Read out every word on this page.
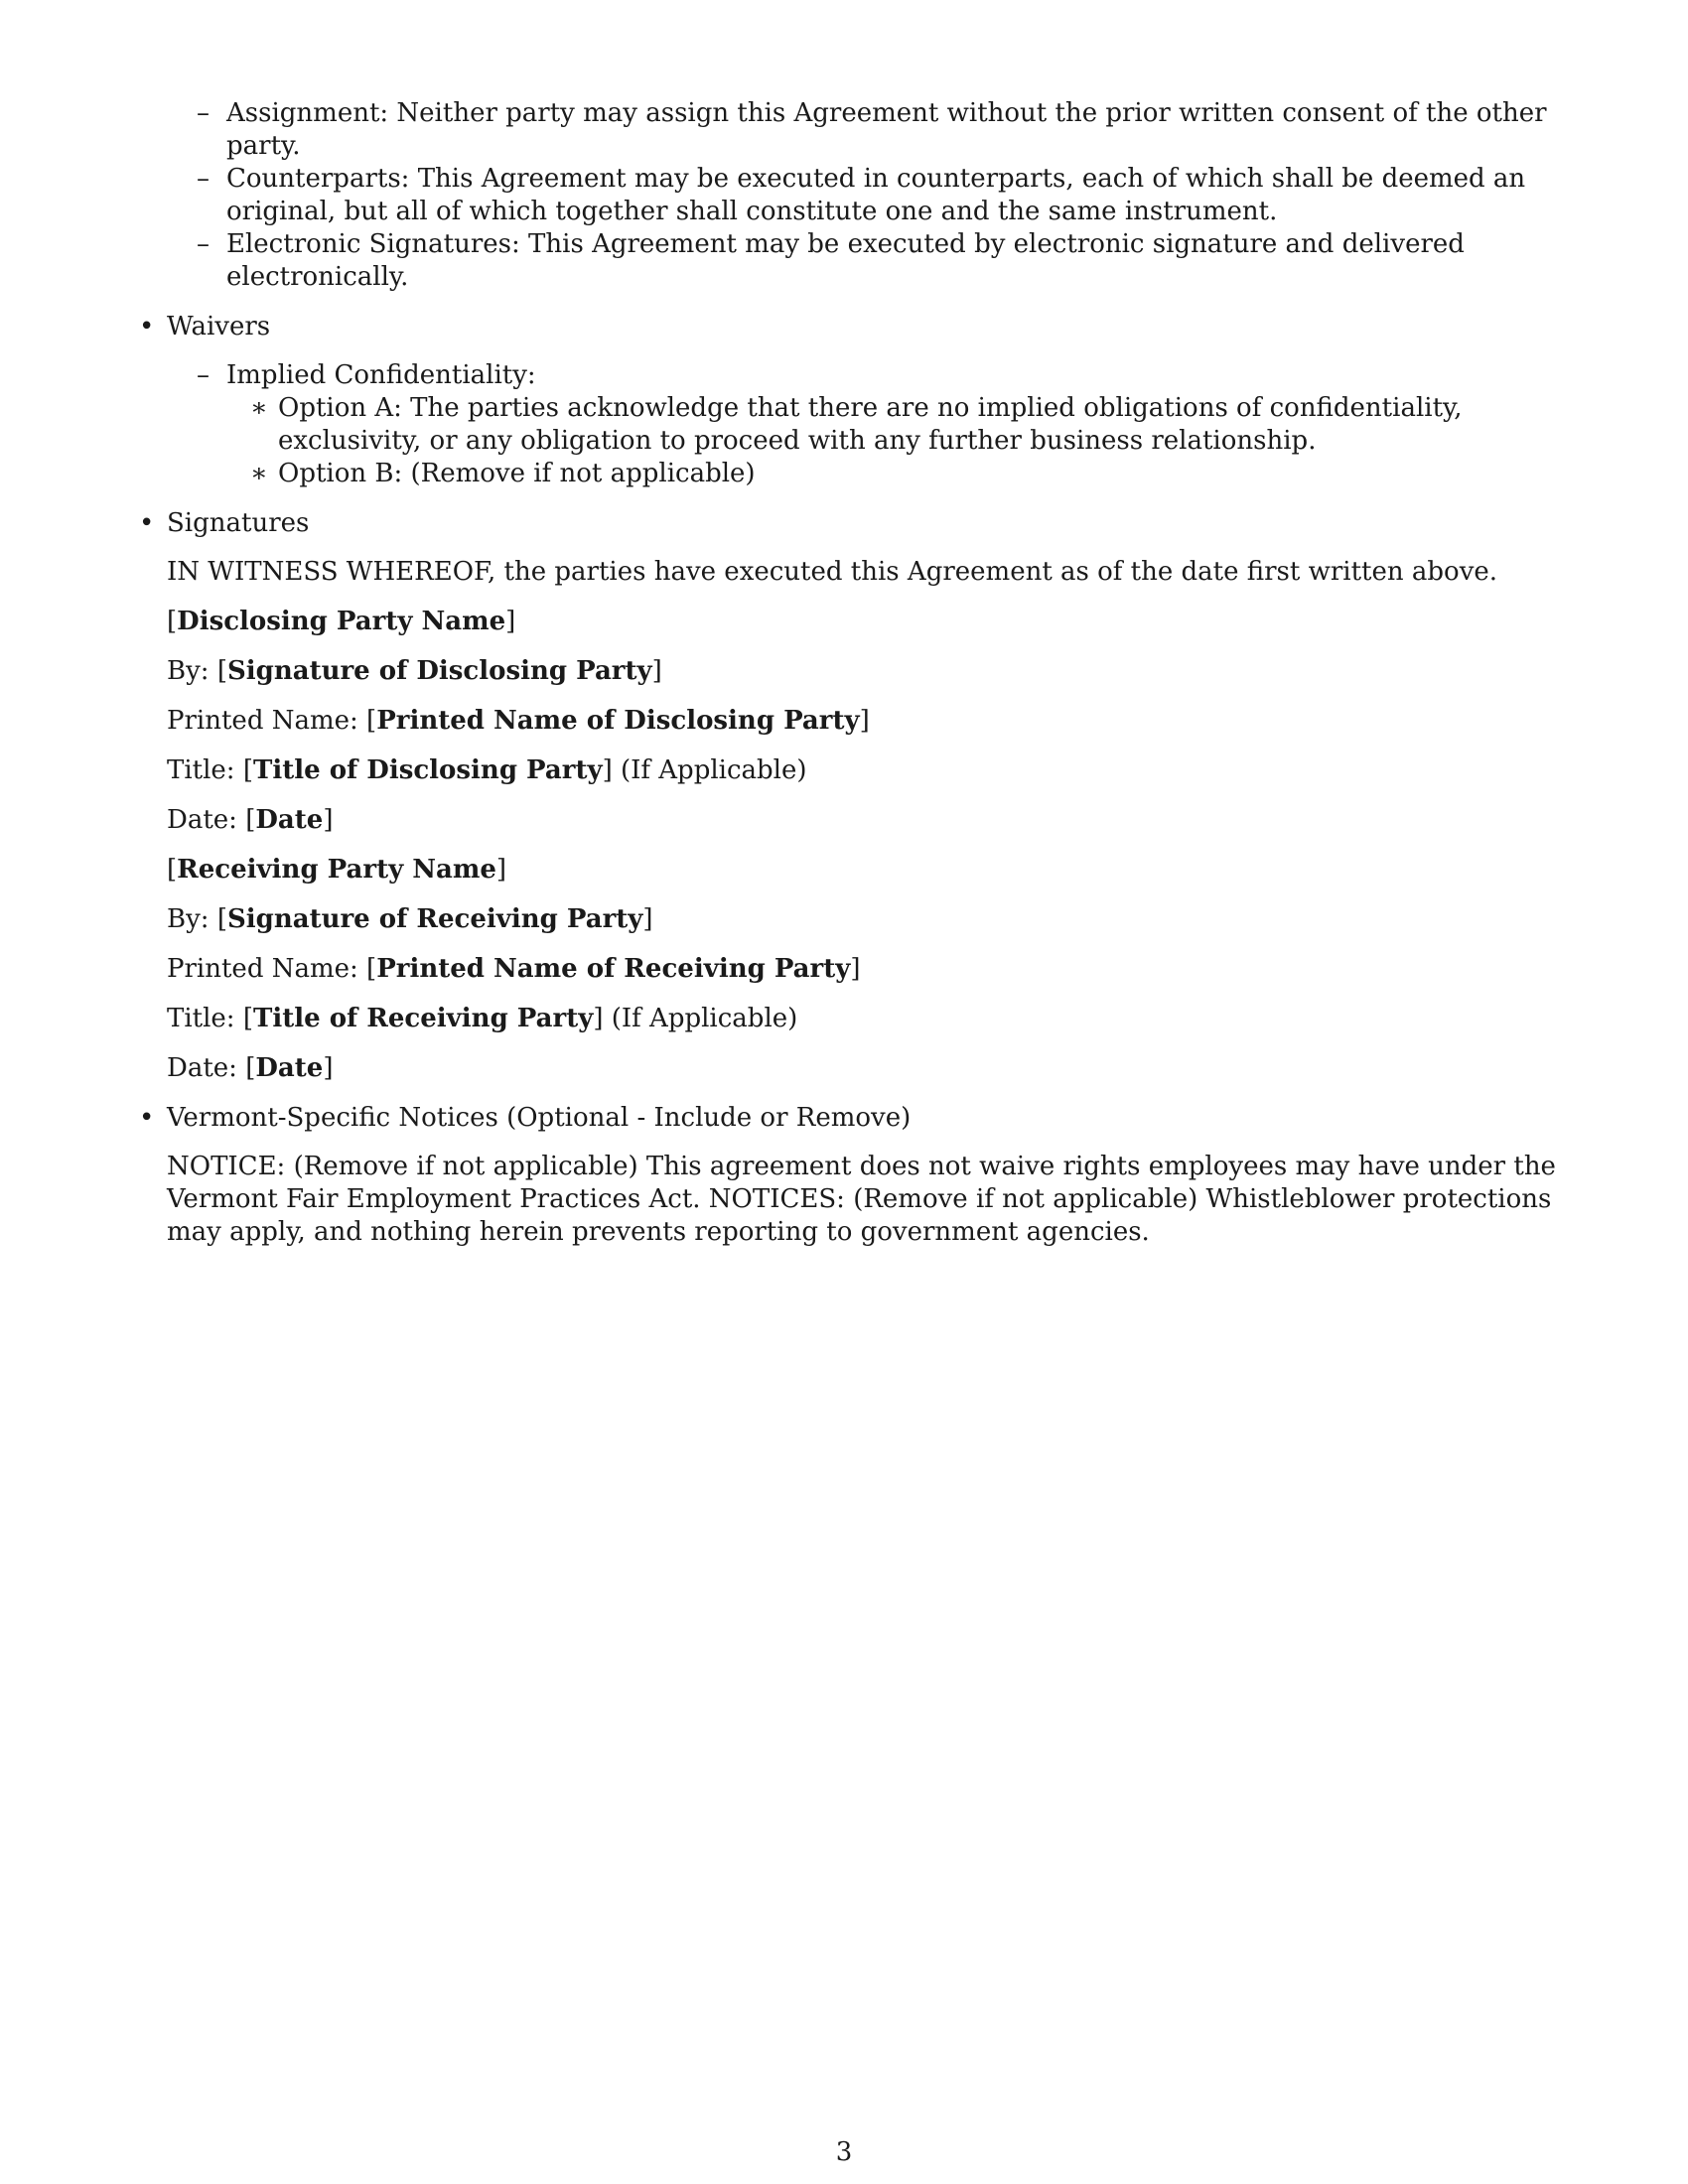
– Assignment: Neither party may assign this Agreement without the prior written consent of the other party.
– Counterparts: This Agreement may be executed in counterparts, each of which shall be deemed an original, but all of which together shall constitute one and the same instrument.
– Electronic Signatures: This Agreement may be executed by electronic signature and delivered electronically.
• Waivers
– Implied Confidentiality:
∗ Option A: The parties acknowledge that there are no implied obligations of confidentiality, exclusivity, or any obligation to proceed with any further business relationship.
∗ Option B: (Remove if not applicable)
• Signatures

IN WITNESS WHEREOF, the parties have executed this Agreement as of the date first written above.

[Disclosing Party Name]

By: [Signature of Disclosing Party]

Printed Name: [Printed Name of Disclosing Party]

Title: [Title of Disclosing Party] (If Applicable)

Date: [Date]

[Receiving Party Name]

By: [Signature of Receiving Party]

Printed Name: [Printed Name of Receiving Party]

Title: [Title of Receiving Party] (If Applicable)

Date: [Date]

• Vermont-Specific Notices (Optional - Include or Remove)

NOTICE: (Remove if not applicable) This agreement does not waive rights employees may have under the Vermont Fair Employment Practices Act. NOTICES: (Remove if not applicable) Whistleblower protections may apply, and nothing herein prevents reporting to government agencies.

3
